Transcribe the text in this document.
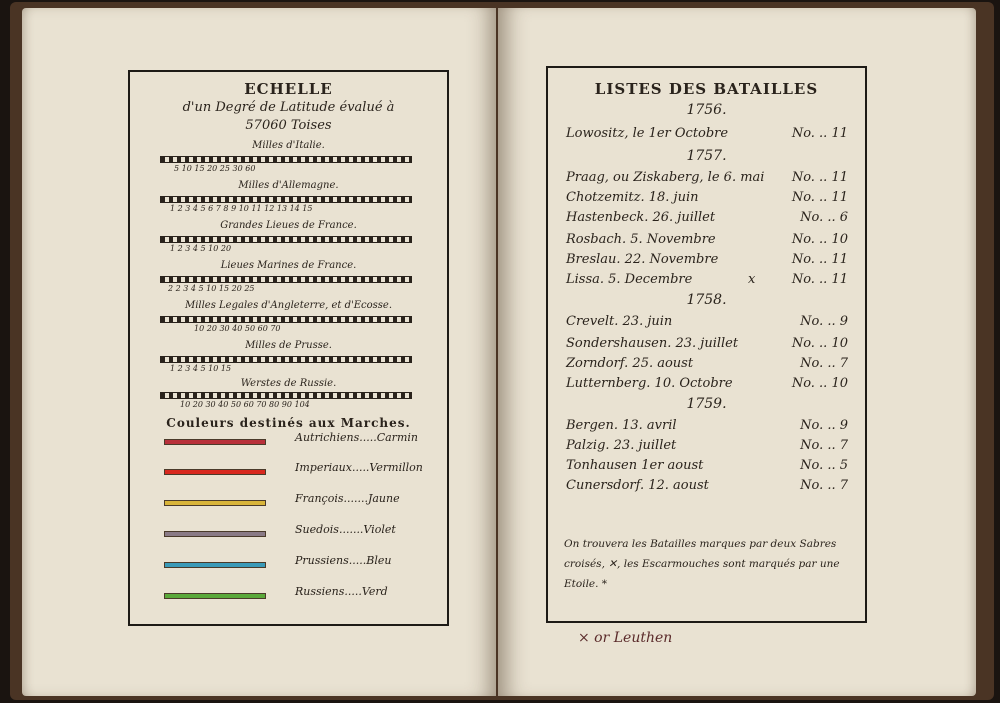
ECHELLE
d'un Degré de Latitude évalué à
57060 Toises
Milles d'Italie.
5 10 15 20 25 30 60
Milles d'Allemagne.
1 2 3 4 5 6 7 8 9 10 11 12 13 14 15
Grandes Lieues de France.
1 2 3 4 5 10 20
Lieues Marines de France.
2 2 3 4 5 10 15 20 25
Milles Legales d'Angleterre, et d'Ecosse.
10 20 30 40 50 60 70
Milles de Prusse.
1 2 3 4 5 10 15
Werstes de Russie.
10 20 30 40 50 60 70 80 90 104
Couleurs destinés aux Marches.
Autrichiens.....Carmin
Imperiaux.....Vermillon
François.......Jaune
Suedois.......Violet
Prussiens.....Bleu
Russiens.....Verd
LISTES DES BATAILLES
1756.
Lowositz, le 1er Octobre	No. .. 11
1757.
Praag, ou Ziskaberg, le 6. mai No. .. 11
Chotzemitz. 18. juin	No. .. 11
Hastenbeck. 26. juillet	No. .. 6
Rosbach. 5. Novembre	No. .. 10
Breslau. 22. Novembre	No. .. 11
Lissa. 5. Decembre	x	No. .. 11
1758.
Crevelt. 23. juin	No. .. 9
Sondershausen. 23. juillet	No. .. 10
Zorndorf. 25. aoust	No. .. 7
Lutternberg. 10. Octobre	No. .. 10
1759.
Bergen. 13. avril	No. .. 9
Palzig. 23. juillet	No. .. 7
Tonhausen 1er aoust	No. .. 5
Cunersdorf. 12. aoust	No. .. 7
On trouvera les Batailles marques par deux Sabres croisés, ✕, les Escarmouches sont marqués par une Etoile. *
× or Leuthen
